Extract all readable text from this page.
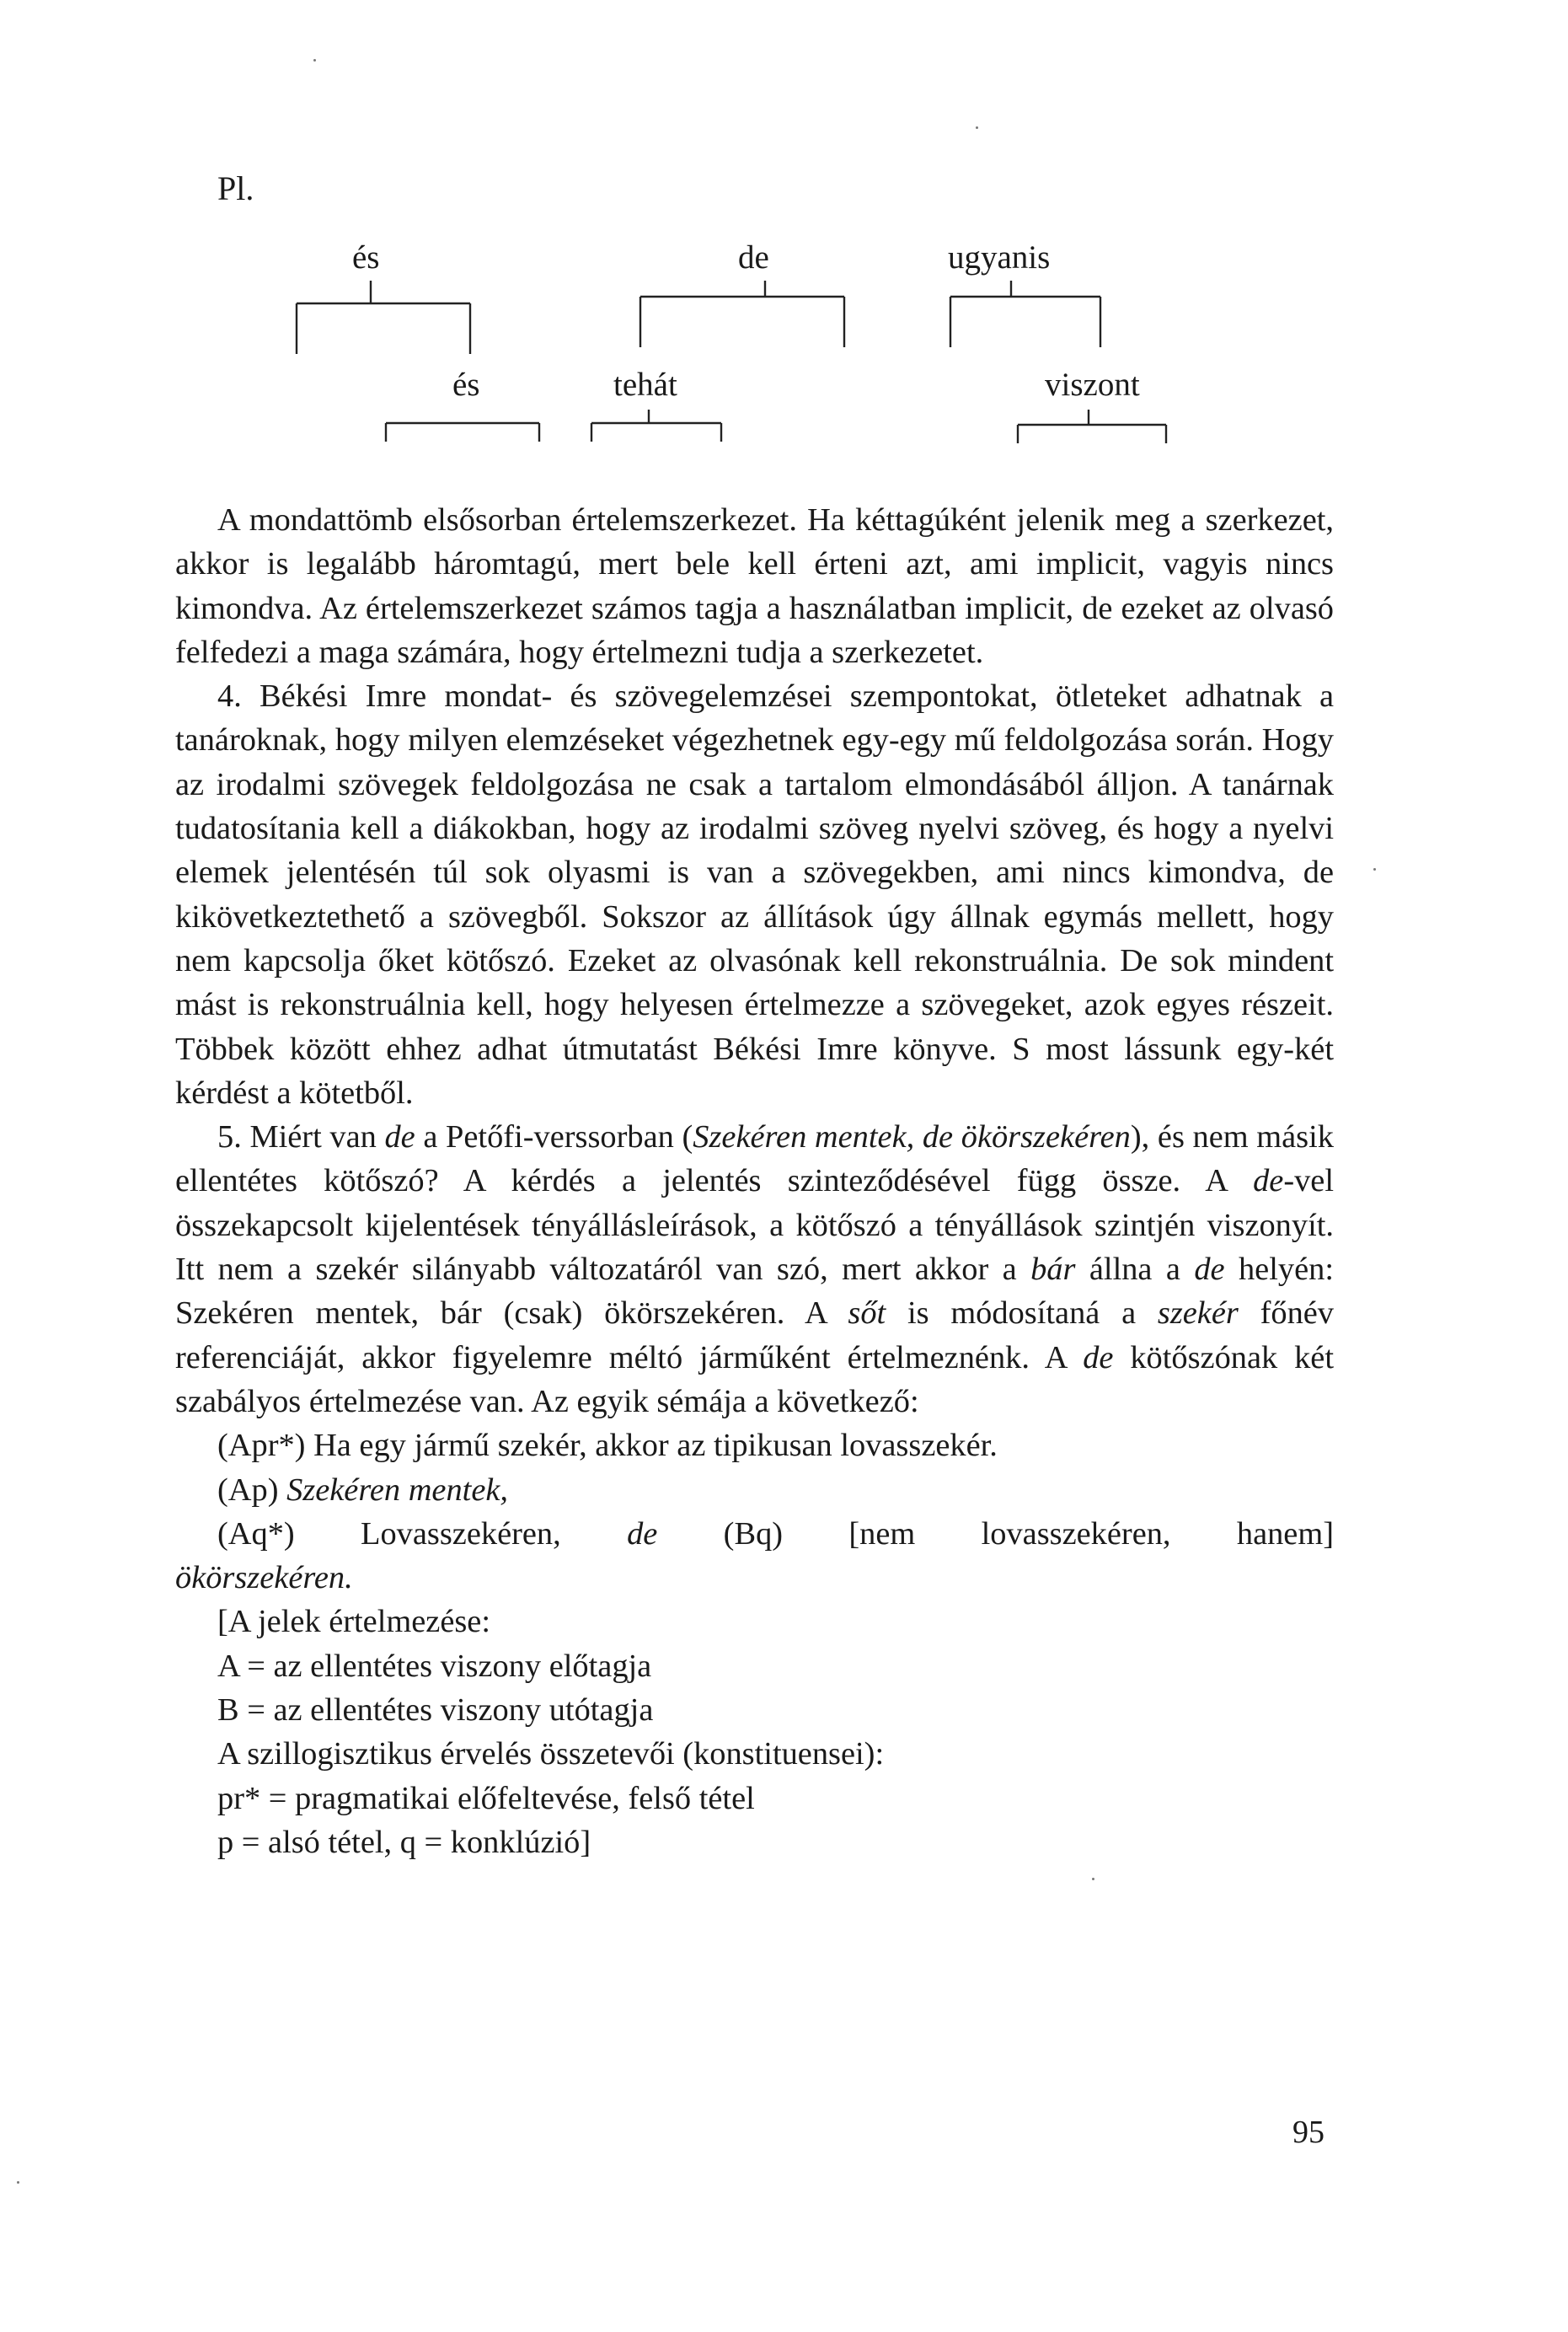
Pl.
és	de	ugyanis
és	tehát	viszont

A mondattömb elsősorban értelemszerkezet. Ha kéttagúként jelenik meg a szerkezet, akkor is legalább háromtagú, mert bele kell érteni azt, ami implicit, vagyis nincs kimondva. Az értelemszerkezet számos tagja a használatban implicit, de ezeket az olvasó felfedezi a maga számára, hogy értelmezni tudja a szerkezetet.

4. Békési Imre mondat- és szövegelemzései szempontokat, ötleteket adhatnak a tanároknak, hogy milyen elemzéseket végezhetnek egy-egy mű feldolgozása során. Hogy az irodalmi szövegek feldolgozása ne csak a tartalom elmondásából álljon. A tanárnak tudatosítania kell a diákokban, hogy az irodalmi szöveg nyelvi szöveg, és hogy a nyelvi elemek jelentésén túl sok olyasmi is van a szövegekben, ami nincs kimondva, de kikövetkeztethető a szövegből. Sokszor az állítások úgy állnak egymás mellett, hogy nem kapcsolja őket kötőszó. Ezeket az olvasónak kell rekonstruálnia. De sok mindent mást is rekonstruálnia kell, hogy helyesen értelmezze a szövegeket, azok egyes részeit. Többek között ehhez adhat útmutatást Békési Imre könyve. S most lássunk egy-két kérdést a kötetből.

5. Miért van de a Petőfi-verssorban (Szekéren mentek, de ökörszekéren), és nem másik ellentétes kötőszó? A kérdés a jelentés szinteződésével függ össze. A de-vel összekapcsolt kijelentések tényállásleírások, a kötőszó a tényállások szintjén viszonyít. Itt nem a szekér silányabb változatáról van szó, mert akkor a bár állna a de helyén: Szekéren mentek, bár (csak) ökörszekéren. A sőt is módosítaná a szekér főnév referenciáját, akkor figyelemre méltó járműként értelmeznénk. A de kötőszónak két szabályos értelmezése van. Az egyik sémája a következő:

(Apr*) Ha egy jármű szekér, akkor az tipikusan lovasszekér.

(Ap) Szekéren mentek,

(Aq*) Lovasszekéren, de (Bq) [nem lovasszekéren, hanem]

ökörszekéren.

[A jelek értelmezése:

A = az ellentétes viszony előtagja

B = az ellentétes viszony utótagja

A szillogisztikus érvelés összetevői (konstituensei):

pr* = pragmatikai előfeltevése, felső tétel

p = alsó tétel, q = konklúzió]

95
